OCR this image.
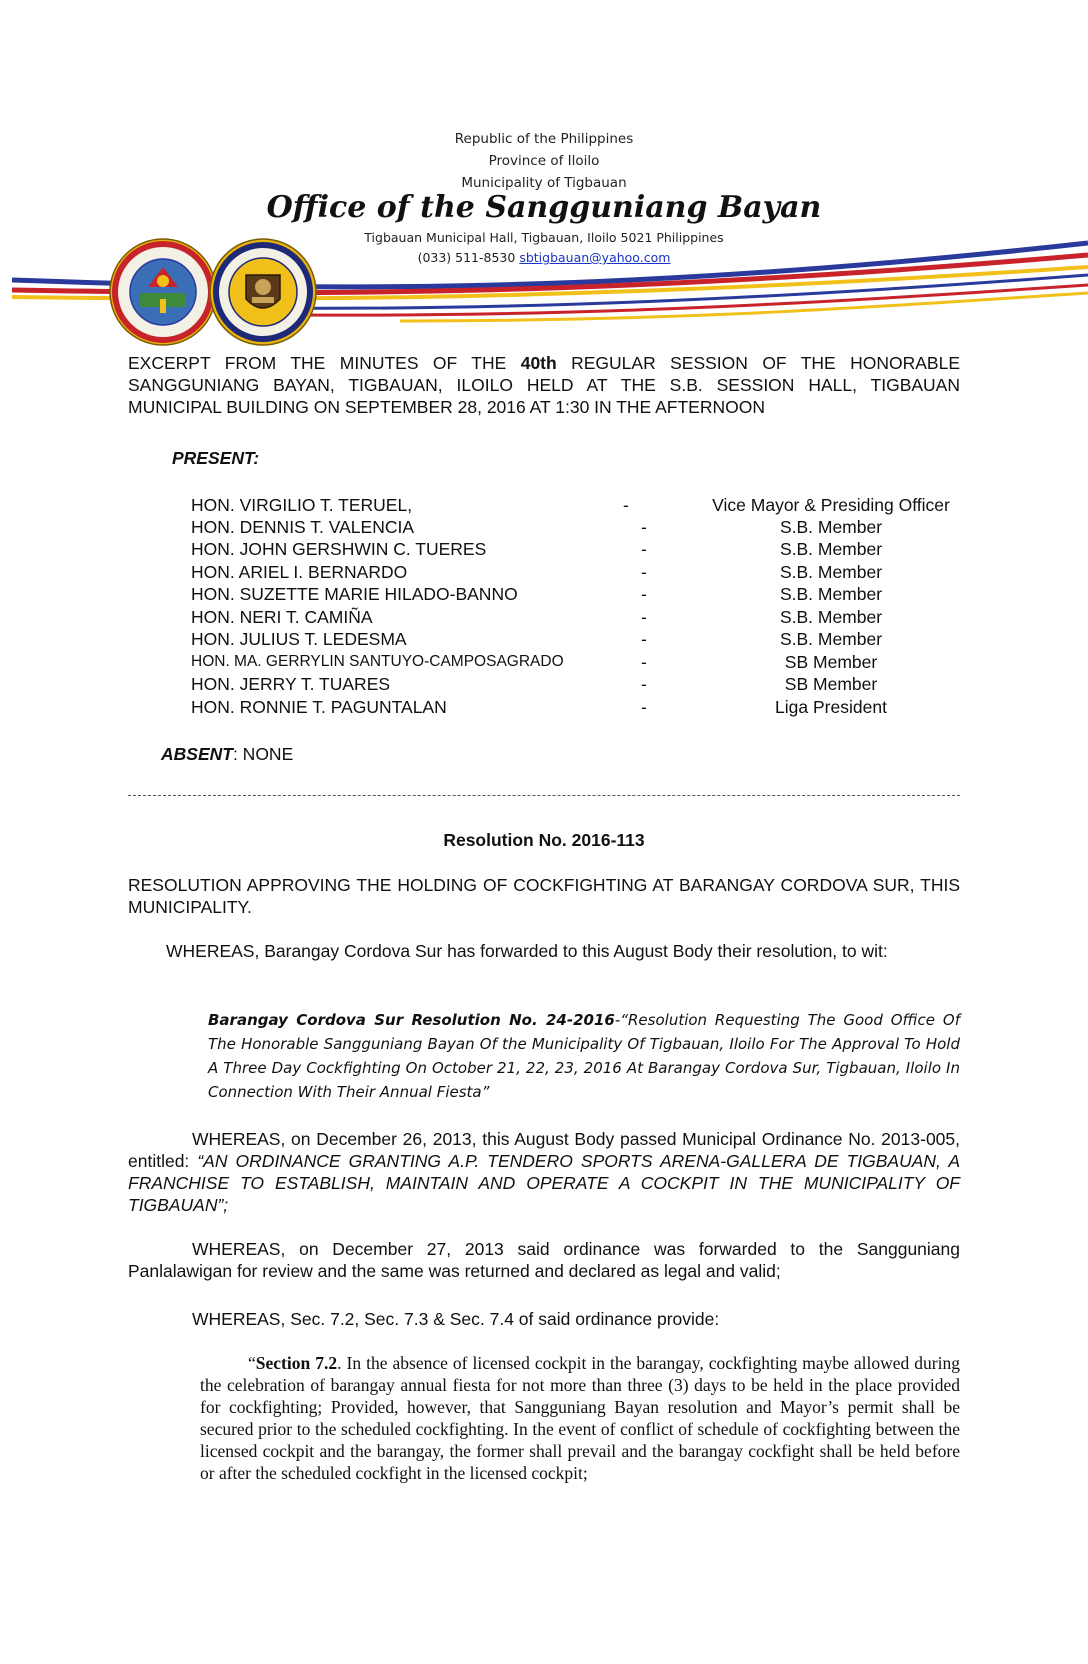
Republic of the Philippines
Province of Iloilo
Municipality of Tigbauan
Office of the Sangguniang Bayan
Tigbauan Municipal Hall, Tigbauan, Iloilo 5021 Philippines
(033) 511-8530 sbtigbauan@yahoo.com
EXCERPT FROM THE MINUTES OF THE 40th REGULAR SESSION OF THE HONORABLE SANGGUNIANG BAYAN, TIGBAUAN, ILOILO HELD AT THE S.B. SESSION HALL, TIGBAUAN MUNICIPAL BUILDING ON SEPTEMBER 28, 2016 AT 1:30 IN THE AFTERNOON
PRESENT:
HON. VIRGILIO T. TERUEL,	-	Vice Mayor & Presiding Officer
HON. DENNIS T. VALENCIA	-	S.B. Member
HON. JOHN GERSHWIN C. TUERES	-	S.B. Member
HON. ARIEL I. BERNARDO	-	S.B. Member
HON. SUZETTE MARIE HILADO-BANNO	-	S.B. Member
HON. NERI T. CAMIÑA	-	S.B. Member
HON. JULIUS T. LEDESMA	-	S.B. Member
HON. MA. GERRYLIN SANTUYO-CAMPOSAGRADO	-	SB Member
HON. JERRY T. TUARES	-	SB Member
HON. RONNIE T. PAGUNTALAN	-	Liga President
ABSENT: NONE
Resolution No. 2016-113
RESOLUTION APPROVING THE HOLDING OF COCKFIGHTING AT BARANGAY CORDOVA SUR, THIS MUNICIPALITY.
WHEREAS, Barangay Cordova Sur has forwarded to this August Body their resolution, to wit:
Barangay Cordova Sur Resolution No. 24-2016-“Resolution Requesting The Good Office Of The Honorable Sangguniang Bayan Of the Municipality Of Tigbauan, Iloilo For The Approval To Hold A Three Day Cockfighting On October 21, 22, 23, 2016 At Barangay Cordova Sur, Tigbauan, Iloilo In Connection With Their Annual Fiesta”
WHEREAS, on December 26, 2013, this August Body passed Municipal Ordinance No. 2013-005, entitled: “AN ORDINANCE GRANTING A.P. TENDERO SPORTS ARENA-GALLERA DE TIGBAUAN, A FRANCHISE TO ESTABLISH, MAINTAIN AND OPERATE A COCKPIT IN THE MUNICIPALITY OF TIGBAUAN”;
WHEREAS, on December 27, 2013 said ordinance was forwarded to the Sangguniang Panlalawigan for review and the same was returned and declared as legal and valid;
WHEREAS, Sec. 7.2, Sec. 7.3 & Sec. 7.4 of said ordinance provide:
“Section 7.2. In the absence of licensed cockpit in the barangay, cockfighting maybe allowed during the celebration of barangay annual fiesta for not more than three (3) days to be held in the place provided for cockfighting; Provided, however, that Sangguniang Bayan resolution and Mayor’s permit shall be secured prior to the scheduled cockfighting. In the event of conflict of schedule of cockfighting between the licensed cockpit and the barangay, the former shall prevail and the barangay cockfight shall be held before or after the scheduled cockfight in the licensed cockpit;
